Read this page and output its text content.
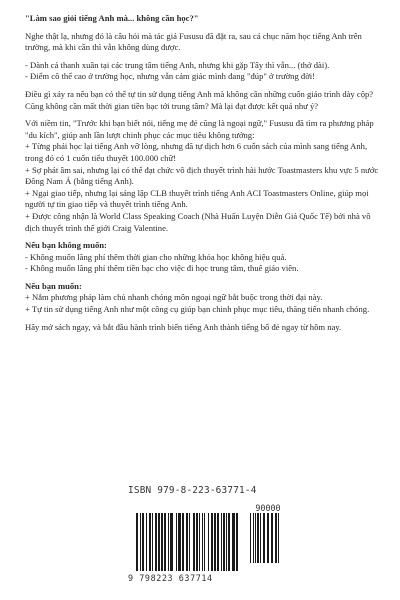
"Làm sao giỏi tiếng Anh mà... không cần học?"

Nghe thật lạ, nhưng đó là câu hỏi mà tác giả Fususu đã đặt ra, sau cả chục năm học tiếng Anh trên trường, mà khi cần thì vẫn không dùng được.

- Dành cả thanh xuân tại các trung tâm tiếng Anh, nhưng khi gặp Tây thì vẫn... (thở dài).

- Điểm cô thể cao ở trường học, nhưng vẫn cảm giác mình đang "đúp" ở trường đời!

Điều gì xảy ra nếu bạn có thể tự tin sử dụng tiếng Anh mà không cần những cuốn giáo trình dày cộp? Cũng không cần mất thời gian tiền bạc tới trung tâm? Mà lại đạt được kết quả như ý?

Với niềm tin, "Trước khi bạn biết nói, tiếng mẹ đẻ cũng là ngoại ngữ," Fususu đã tìm ra phương pháp "du kích", giúp anh lần lượt chinh phục các mục tiêu không tưởng:

+ Từng phải học lại tiếng Anh vỡ lòng, nhưng đã tự dịch hơn 6 cuốn sách của mình sang tiếng Anh, trong đó có 1 cuốn tiểu thuyết 100.000 chữ!

+ Sợ phát âm sai, nhưng lại có thể đạt chức vô địch thuyết trình hài hước Toastmasters khu vực 5 nước Đông Nam Á (bằng tiếng Anh).

+ Ngại giao tiếp, nhưng lại sáng lập CLB thuyết trình tiếng Anh ACI Toastmasters Online, giúp mọi người tự tin giao tiếp và thuyết trình tiếng Anh.

+ Được công nhận là World Class Speaking Coach (Nhà Huấn Luyện Diễn Giả Quốc Tế) bởi nhà vô địch thuyết trình thế giới Craig Valentine.

Nếu bạn không muốn:

- Không muốn lãng phí thêm thời gian cho những khóa học không hiệu quả.

- Không muốn lãng phí thêm tiền bạc cho việc đi học trung tâm, thuê giáo viên.

Nếu bạn muốn:

+ Nắm phương pháp làm chủ nhanh chóng môn ngoại ngữ bắt buộc trong thời đại này.

+ Tự tin sử dụng tiếng Anh như một công cụ giúp bạn chinh phục mục tiêu, thăng tiến nhanh chóng.

Hãy mở sách ngay, và bắt đầu hành trình biến tiếng Anh thành tiếng bố đẻ ngay từ hôm nay.

ISBN 979-8-223-63771-4
90000
9 798223 637714
